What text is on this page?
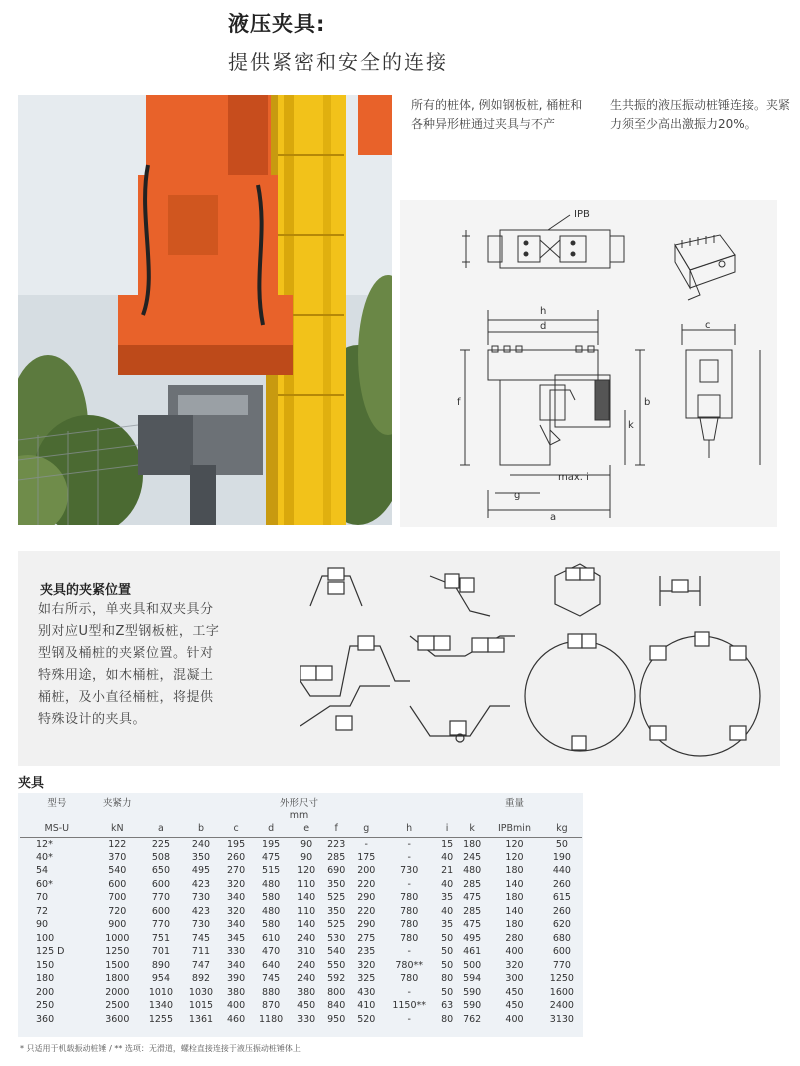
液压夹具:
提供紧密和安全的连接
所有的桩体, 例如钢板桩, 桶桩和各种异形桩通过夹具与不产
生共振的液压振动桩锤连接。夹紧力须至少高出激振力20%。
IPB
h
d
f	b
k
max. i
g
a
c
夹具的夹紧位置
如右所示，单夹具和双夹具分别对应U型和Z型钢板桩，工字型钢及桶桩的夹紧位置。针对特殊用途，如木桶桩，混凝土桶桩，及小直径桶桩，将提供特殊设计的夹具。
夹具
型号	夹紧力	外形尺寸										重量	
		mm											
MS-U	kN	a	b	c	d	e	f	g	h	i	k	IPBmin	kg
12*	122	225	240	195	195	90	223	-	-	15	180	120	50
40*	370	508	350	260	475	90	285	175	-	40	245	120	190
54	540	650	495	270	515	120	690	200	730	21	480	180	440
60*	600	600	423	320	480	110	350	220	-	40	285	140	260
70	700	770	730	340	580	140	525	290	780	35	475	180	615
72	720	600	423	320	480	110	350	220	780	40	285	140	260
90	900	770	730	340	580	140	525	290	780	35	475	180	620
100	1000	751	745	345	610	240	530	275	780	50	495	280	680
125 D	1250	701	711	330	470	310	540	235	-	50	461	400	600
150	1500	890	747	340	640	240	550	320	780**	50	500	320	770
180	1800	954	892	390	745	240	592	325	780	80	594	300	1250
200	2000	1010	1030	380	880	380	800	430	-	50	590	450	1600
250	2500	1340	1015	400	870	450	840	410	1150**	63	590	450	2400
360	3600	1255	1361	460	1180	330	950	520	-	80	762	400	3130
* 只适用于机载振动桩锤 / ** 选项：无滑道，螺栓直接连接于液压振动桩锤体上
